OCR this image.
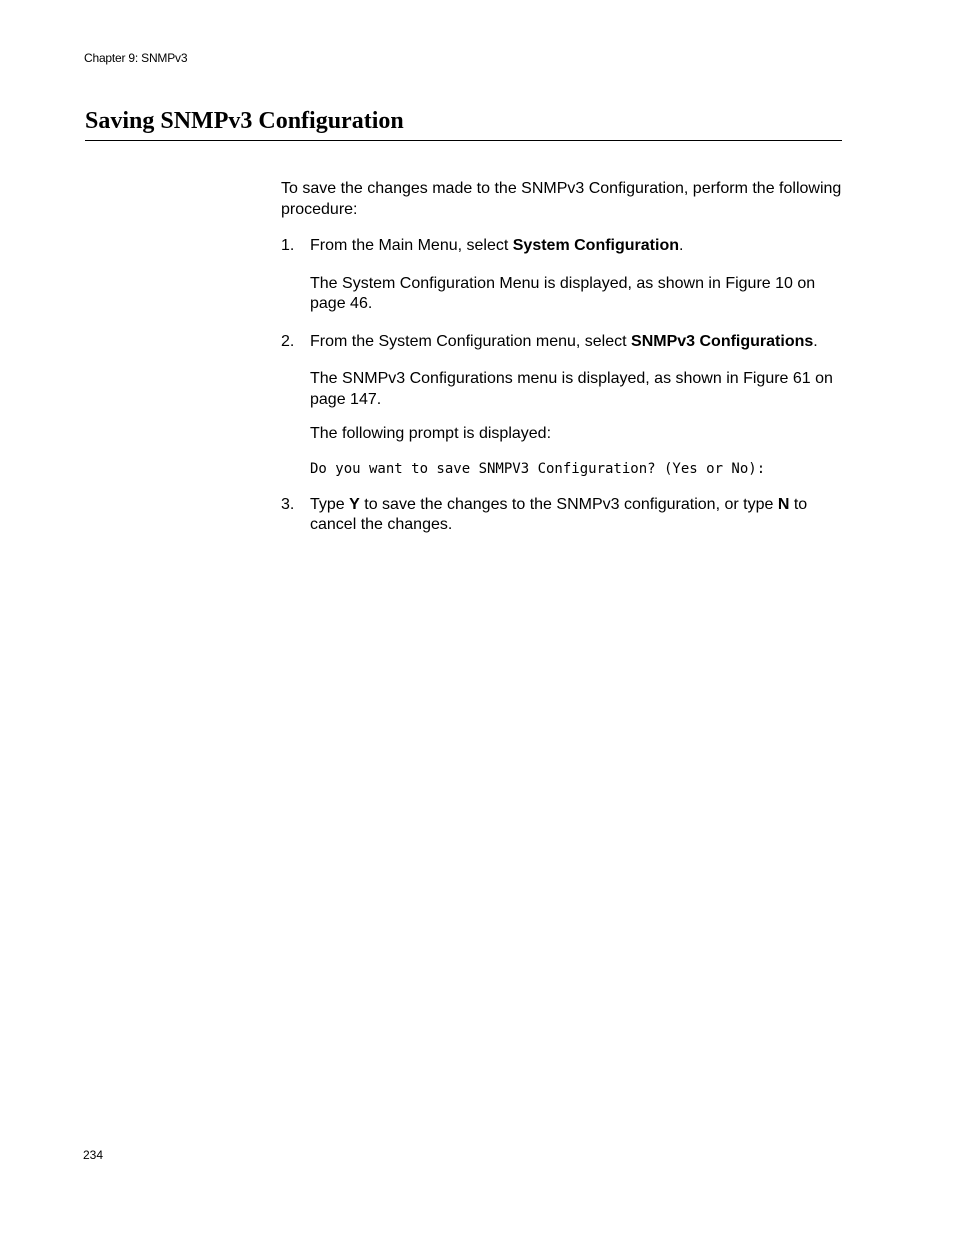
Chapter 9: SNMPv3
Saving SNMPv3 Configuration

To save the changes made to the SNMPv3 Configuration, perform the following procedure:

1. From the Main Menu, select System Configuration.

The System Configuration Menu is displayed, as shown in Figure 10 on page 46.

2. From the System Configuration menu, select SNMPv3 Configurations.

The SNMPv3 Configurations menu is displayed, as shown in Figure 61 on page 147.

The following prompt is displayed:

Do you want to save SNMPV3 Configuration? (Yes or No):

3. Type Y to save the changes to the SNMPv3 configuration, or type N to cancel the changes.

234
